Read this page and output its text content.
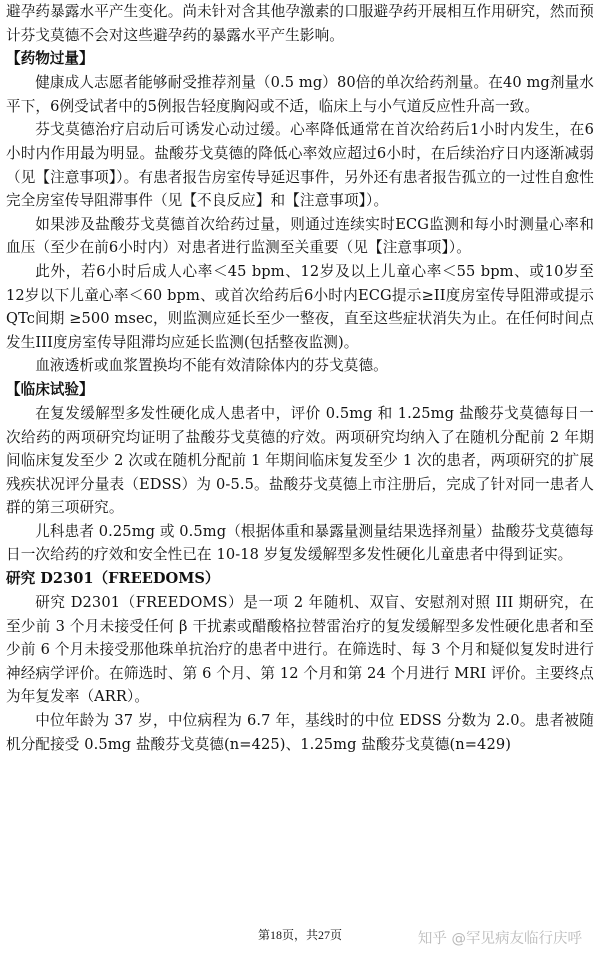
避孕药暴露水平产生变化。尚未针对含其他孕激素的口服避孕药开展相互作用研究，然而预计芬戈莫德不会对这些避孕药的暴露水平产生影响。

【药物过量】

健康成人志愿者能够耐受推荐剂量（0.5 mg）80倍的单次给药剂量。在40 mg剂量水平下，6例受试者中的5例报告轻度胸闷或不适，临床上与小气道反应性升高一致。

芬戈莫德治疗启动后可诱发心动过缓。心率降低通常在首次给药后1小时内发生，在6小时内作用最为明显。盐酸芬戈莫德的降低心率效应超过6小时，在后续治疗日内逐渐减弱（见【注意事项】）。有患者报告房室传导延迟事件，另外还有患者报告孤立的一过性自愈性完全房室传导阻滞事件（见【不良反应】和【注意事项】）。

如果涉及盐酸芬戈莫德首次给药过量，则通过连续实时ECG监测和每小时测量心率和血压（至少在前6小时内）对患者进行监测至关重要（见【注意事项】）。

此外，若6小时后成人心率＜45 bpm、12岁及以上儿童心率＜55 bpm、或10岁至12岁以下儿童心率＜60 bpm、或首次给药后6小时内ECG提示≥II度房室传导阻滞或提示QTc间期 ≥500 msec，则监测应延长至少一整夜，直至这些症状消失为止。在任何时间点发生III度房室传导阻滞均应延长监测(包括整夜监测)。

血液透析或血浆置换均不能有效清除体内的芬戈莫德。

【临床试验】

在复发缓解型多发性硬化成人患者中，评价 0.5mg 和 1.25mg 盐酸芬戈莫德每日一次给药的两项研究均证明了盐酸芬戈莫德的疗效。两项研究均纳入了在随机分配前 2 年期间临床复发至少 2 次或在随机分配前 1 年期间临床复发至少 1 次的患者，两项研究的扩展残疾状况评分量表（EDSS）为 0-5.5。盐酸芬戈莫德上市注册后，完成了针对同一患者人群的第三项研究。

儿科患者 0.25mg 或 0.5mg（根据体重和暴露量测量结果选择剂量）盐酸芬戈莫德每日一次给药的疗效和安全性已在 10-18 岁复发缓解型多发性硬化儿童患者中得到证实。

研究 D2301（FREEDOMS）

研究 D2301（FREEDOMS）是一项 2 年随机、双盲、安慰剂对照 III 期研究，在至少前 3 个月未接受任何 β 干扰素或醋酸格拉替雷治疗的复发缓解型多发性硬化患者和至少前 6 个月未接受那他珠单抗治疗的患者中进行。在筛选时、每 3 个月和疑似复发时进行神经病学评价。在筛选时、第 6 个月、第 12 个月和第 24 个月进行 MRI 评价。主要终点为年复发率（ARR）。

中位年龄为 37 岁，中位病程为 6.7 年，基线时的中位 EDSS 分数为 2.0。患者被随机分配接受 0.5mg 盐酸芬戈莫德(n=425)、1.25mg 盐酸芬戈莫德(n=429)

第18页，共27页	知乎 @罕见病友临行庆呼
